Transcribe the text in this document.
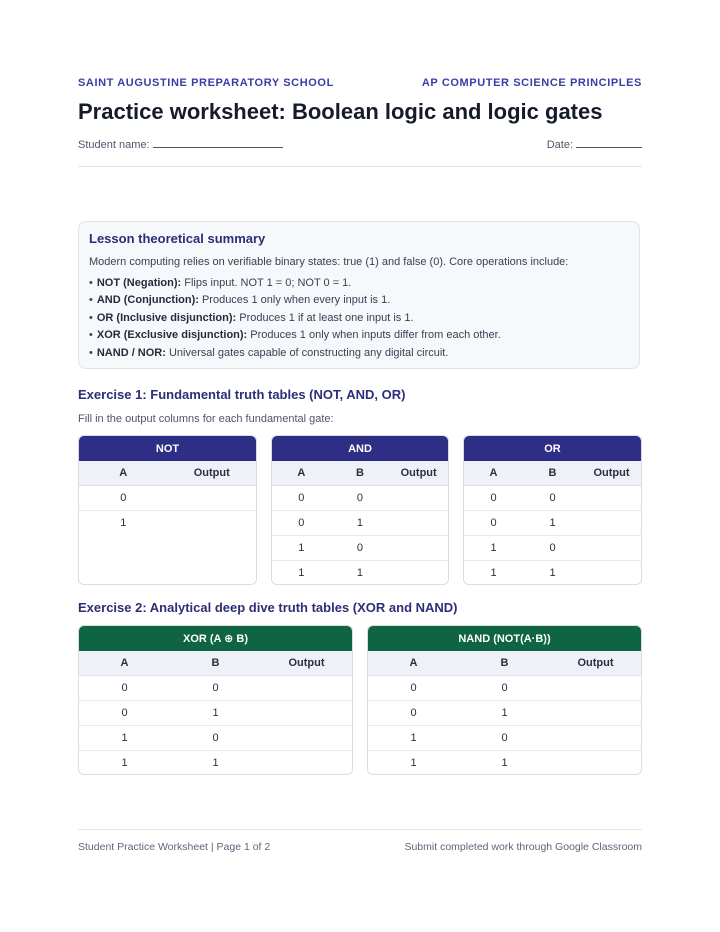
SAINT AUGUSTINE PREPARATORY SCHOOL	AP COMPUTER SCIENCE PRINCIPLES
Practice worksheet: Boolean logic and logic gates
Student name:	Date:
Lesson theoretical summary

Modern computing relies on verifiable binary states: true (1) and false (0). Core operations include:

• NOT (Negation): Flips input. NOT 1 = 0; NOT 0 = 1.
• AND (Conjunction): Produces 1 only when every input is 1.
• OR (Inclusive disjunction): Produces 1 if at least one input is 1.
• XOR (Exclusive disjunction): Produces 1 only when inputs differ from each other.
• NAND / NOR: Universal gates capable of constructing any digital circuit.
Exercise 1: Fundamental truth tables (NOT, AND, OR)

Fill in the output columns for each fundamental gate:

NOT
A	Output
0	
1	
AND
A	B	Output
0	0	
0	1	
1	0	
1	1	
OR
A	B	Output
0	0	
0	1	
1	0	
1	1	
Exercise 2: Analytical deep dive truth tables (XOR and NAND)
XOR (A ⊕ B)
A	B	Output
0	0	
0	1	
1	0	
1	1	
NAND (NOT(A·B))
A	B	Output
0	0	
0	1	
1	0	
1	1	
Student Practice Worksheet | Page 1 of 2	Submit completed work through Google Classroom
